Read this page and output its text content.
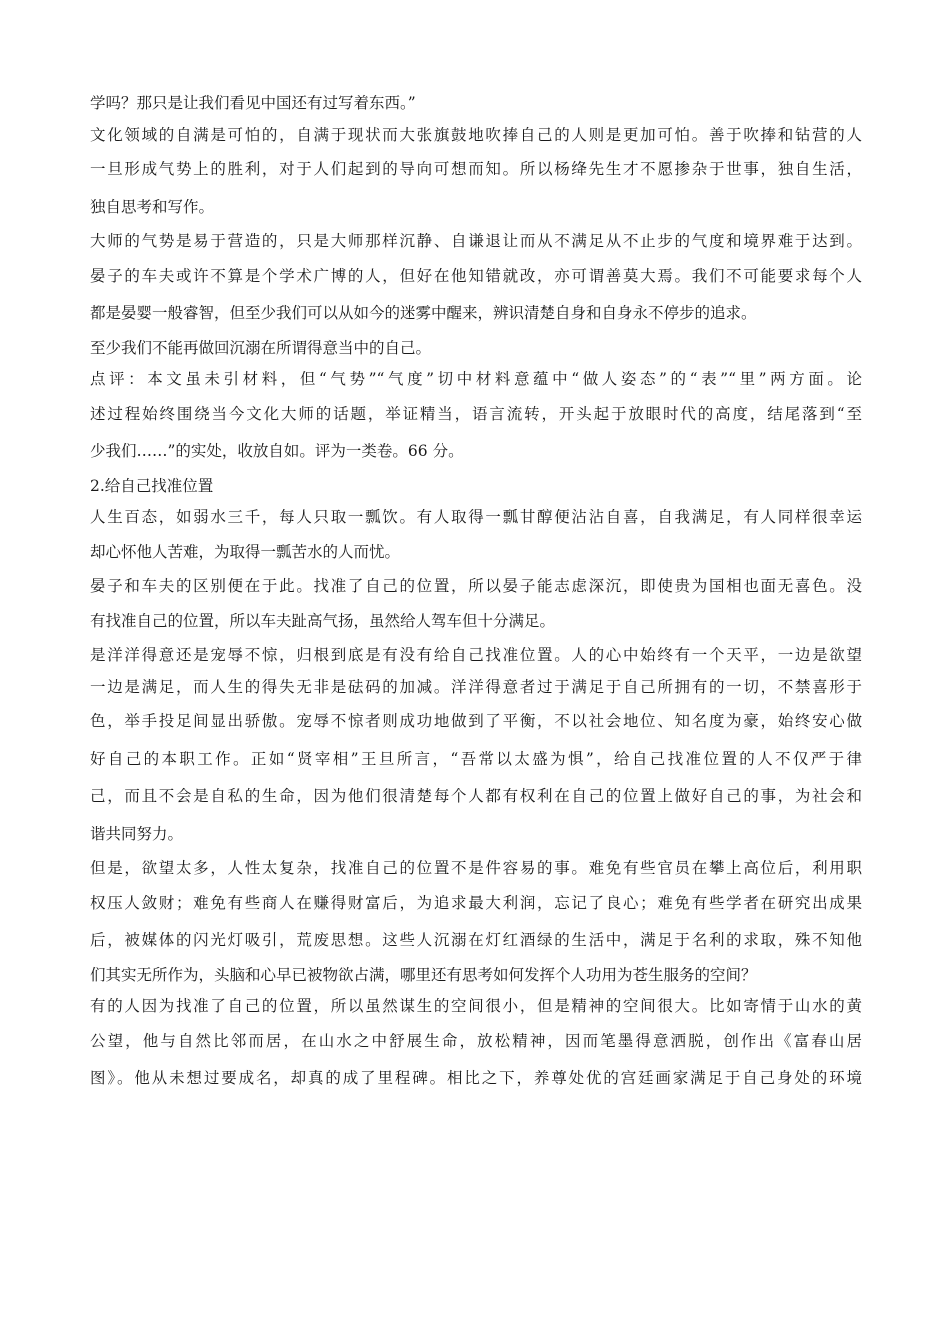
学吗？那只是让我们看见中国还有过写着东西。”
文化领域的自满是可怕的，自满于现状而大张旗鼓地吹捧自己的人则是更加可怕。善于吹捧和钻营的人
一旦形成气势上的胜利，对于人们起到的导向可想而知。所以杨绛先生才不愿掺杂于世事，独自生活，
独自思考和写作。
大师的气势是易于营造的，只是大师那样沉静、自谦退让而从不满足从不止步的气度和境界难于达到。
晏子的车夫或许不算是个学术广博的人，但好在他知错就改，亦可谓善莫大焉。我们不可能要求每个人
都是晏婴一般睿智，但至少我们可以从如今的迷雾中醒来，辨识清楚自身和自身永不停步的追求。
至少我们不能再做回沉溺在所谓得意当中的自己。
点评：本文虽未引材料，但“气势”“气度”切中材料意蕴中“做人姿态”的“表”“里”两方面。论
述过程始终围绕当今文化大师的话题，举证精当，语言流转，开头起于放眼时代的高度，结尾落到“至
少我们……”的实处，收放自如。评为一类卷。66 分。
2.给自己找准位置
人生百态，如弱水三千，每人只取一瓢饮。有人取得一瓢甘醇便沾沾自喜，自我满足，有人同样很幸运
却心怀他人苦难，为取得一瓢苦水的人而忧。
晏子和车夫的区别便在于此。找准了自己的位置，所以晏子能志虑深沉，即使贵为国相也面无喜色。没
有找准自己的位置，所以车夫趾高气扬，虽然给人驾车但十分满足。
是洋洋得意还是宠辱不惊，归根到底是有没有给自己找准位置。人的心中始终有一个天平，一边是欲望
一边是满足，而人生的得失无非是砝码的加减。洋洋得意者过于满足于自己所拥有的一切，不禁喜形于
色，举手投足间显出骄傲。宠辱不惊者则成功地做到了平衡，不以社会地位、知名度为豪，始终安心做
好自己的本职工作。正如“贤宰相”王旦所言，“吾常以太盛为惧”，给自己找准位置的人不仅严于律
己，而且不会是自私的生命，因为他们很清楚每个人都有权利在自己的位置上做好自己的事，为社会和
谐共同努力。
但是，欲望太多，人性太复杂，找准自己的位置不是件容易的事。难免有些官员在攀上高位后，利用职
权压人敛财；难免有些商人在赚得财富后，为追求最大利润，忘记了良心；难免有些学者在研究出成果
后，被媒体的闪光灯吸引，荒废思想。这些人沉溺在灯红酒绿的生活中，满足于名利的求取，殊不知他
们其实无所作为，头脑和心早已被物欲占满，哪里还有思考如何发挥个人功用为苍生服务的空间？
有的人因为找准了自己的位置，所以虽然谋生的空间很小，但是精神的空间很大。比如寄情于山水的黄
公望，他与自然比邻而居，在山水之中舒展生命，放松精神，因而笔墨得意洒脱，创作出《富春山居
图》。他从未想过要成名，却真的成了里程碑。相比之下，养尊处优的宫廷画家满足于自己身处的环境
